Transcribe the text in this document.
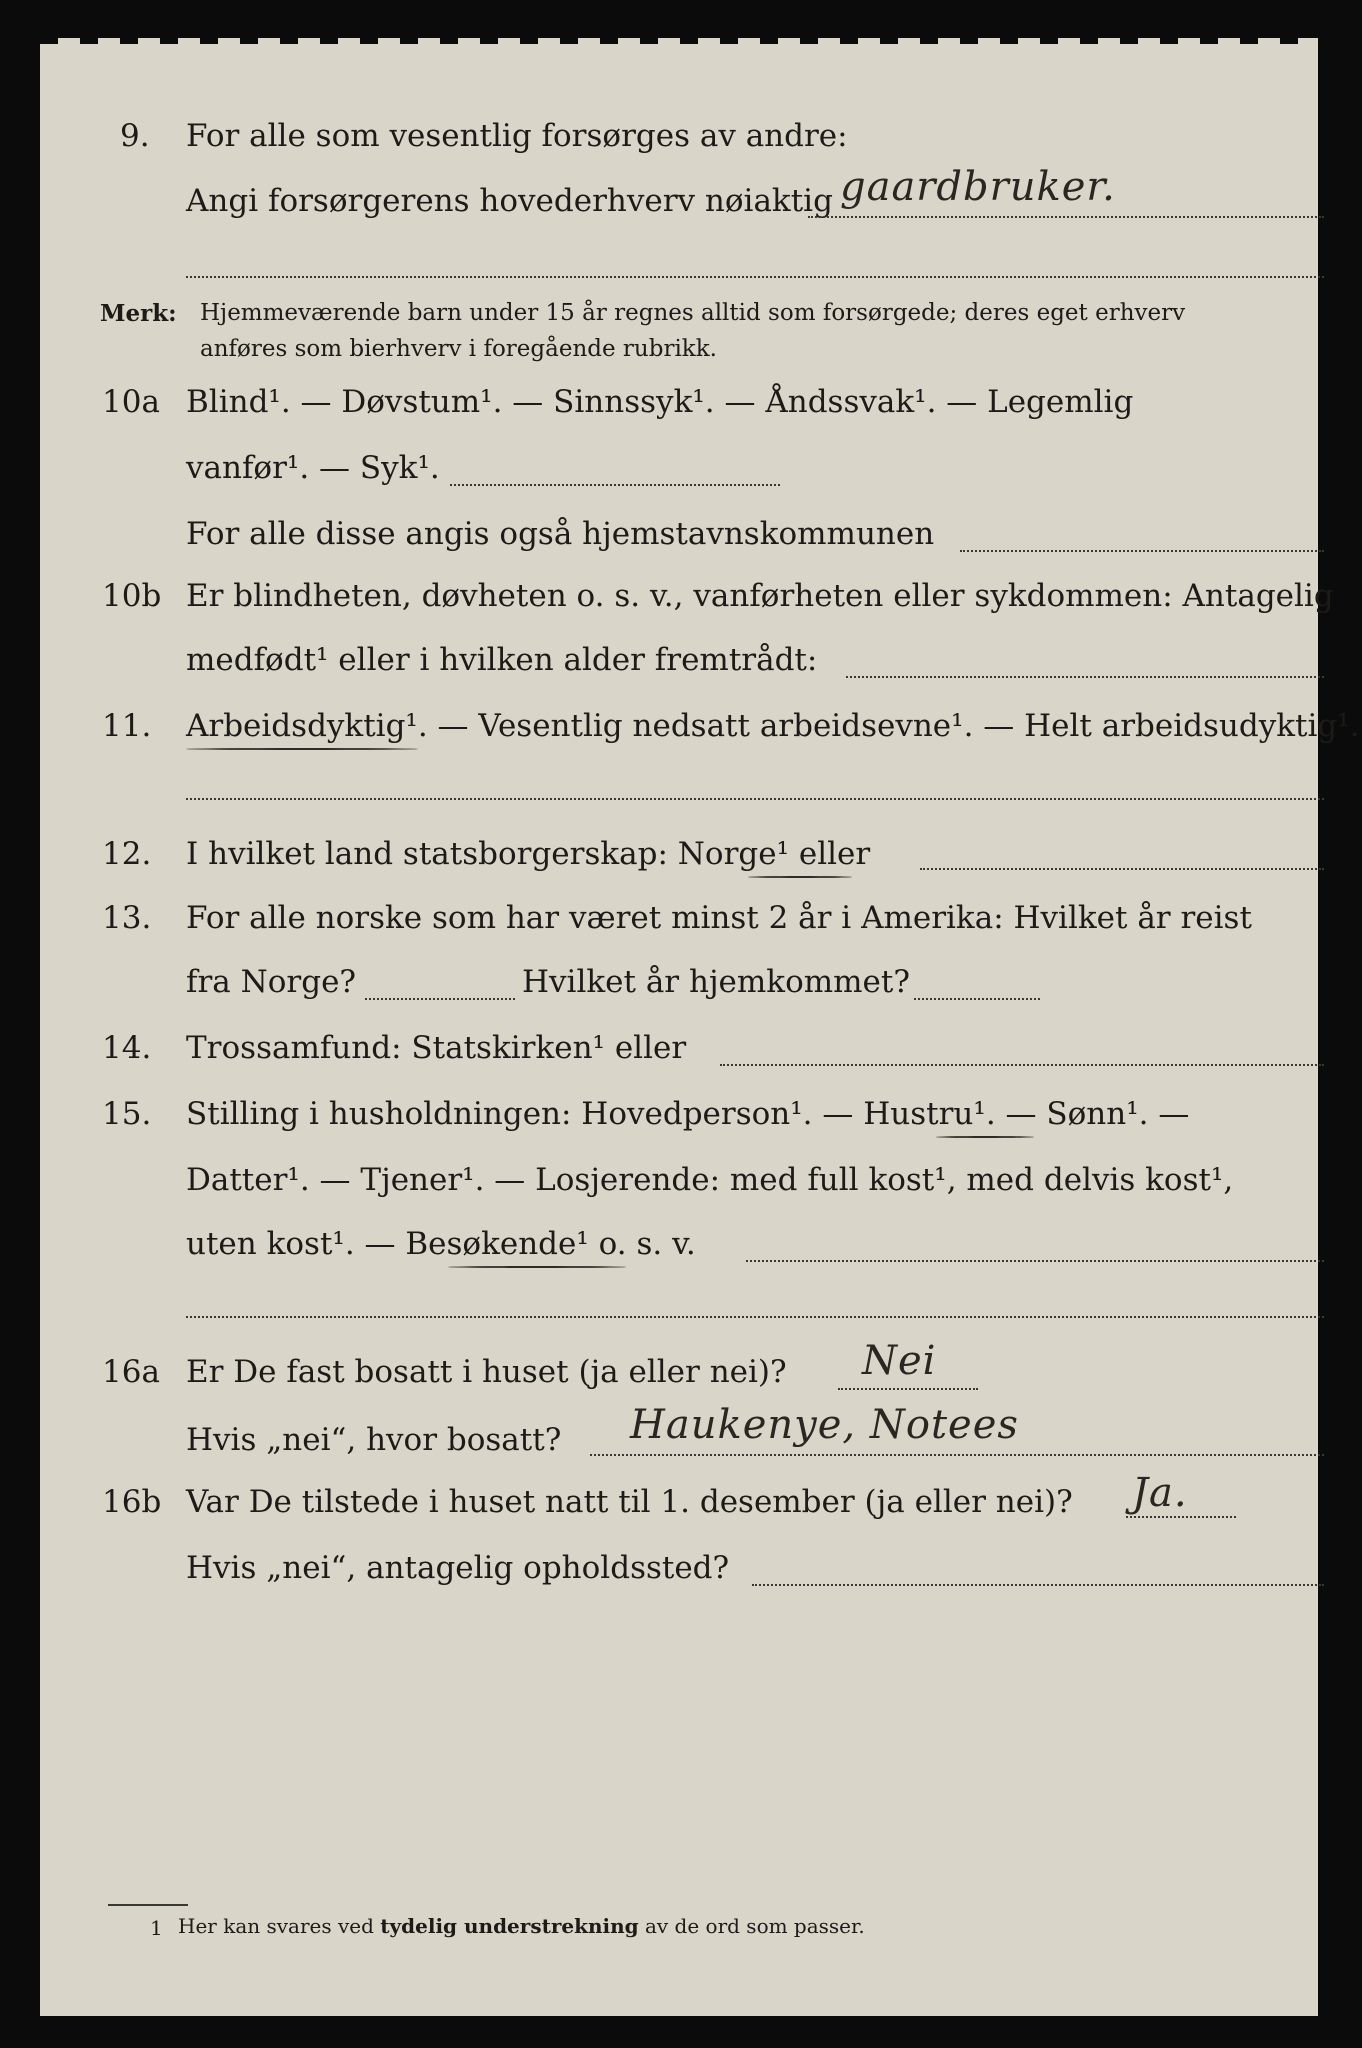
9. For alle som vesentlig forsørges av andre:
Angi forsørgerens hovederhverv nøiaktig gaardbruker.
Merk: Hjemmeværende barn under 15 år regnes alltid som forsørgede; deres eget erhverv
anføres som bierhverv i foregående rubrikk.
10a Blind¹. — Døvstum¹. — Sinnssyk¹. — Åndssvak¹. — Legemlig
vanfør¹. — Syk¹.
For alle disse angis også hjemstavnskommunen
10b Er blindheten, døvheten o. s. v., vanførheten eller sykdommen: Antagelig
medfødt¹ eller i hvilken alder fremtrådt:
11. Arbeidsdyktig¹. — Vesentlig nedsatt arbeidsevne¹. — Helt arbeidsudyktig¹.
12. I hvilket land statsborgerskap: Norge¹ eller
13. For alle norske som har været minst 2 år i Amerika: Hvilket år reist
fra Norge?	Hvilket år hjemkommet?
14. Trossamfund: Statskirken¹ eller
15. Stilling i husholdningen: Hovedperson¹. — Hustru¹. — Sønn¹. —
Datter¹. — Tjener¹. — Losjerende: med full kost¹, med delvis kost¹,
uten kost¹. — Besøkende¹ o. s. v.
16a Er De fast bosatt i huset (ja eller nei)? Nei
Hvis „nei“, hvor bosatt? Haukenye, Notees
16b Var De tilstede i huset natt til 1. desember (ja eller nei)? Ja.
Hvis „nei“, antagelig opholdssted?
1 Her kan svares ved tydelig understrekning av de ord som passer.
